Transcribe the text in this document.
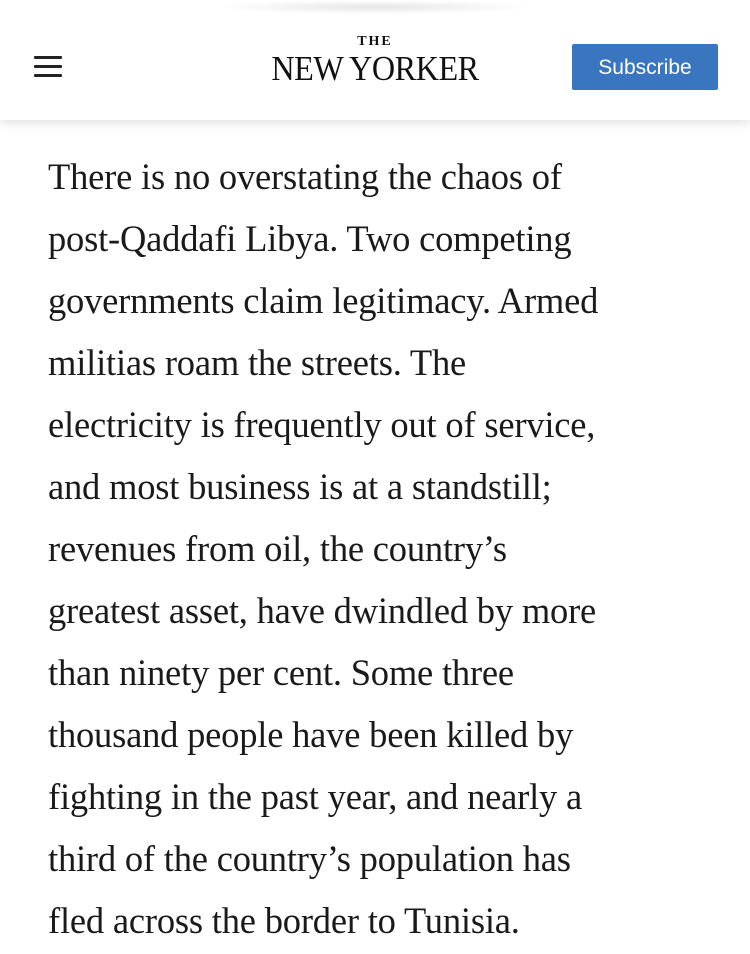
THE
NEW YORKER	Subscribe
There is no overstating the chaos of
post-Qaddafi Libya. Two competing
governments claim legitimacy. Armed
militias roam the streets. The
electricity is frequently out of service,
and most business is at a standstill;
revenues from oil, the country’s
greatest asset, have dwindled by more
than ninety per cent. Some three
thousand people have been killed by
fighting in the past year, and nearly a
third of the country’s population has
fled across the border to Tunisia.
